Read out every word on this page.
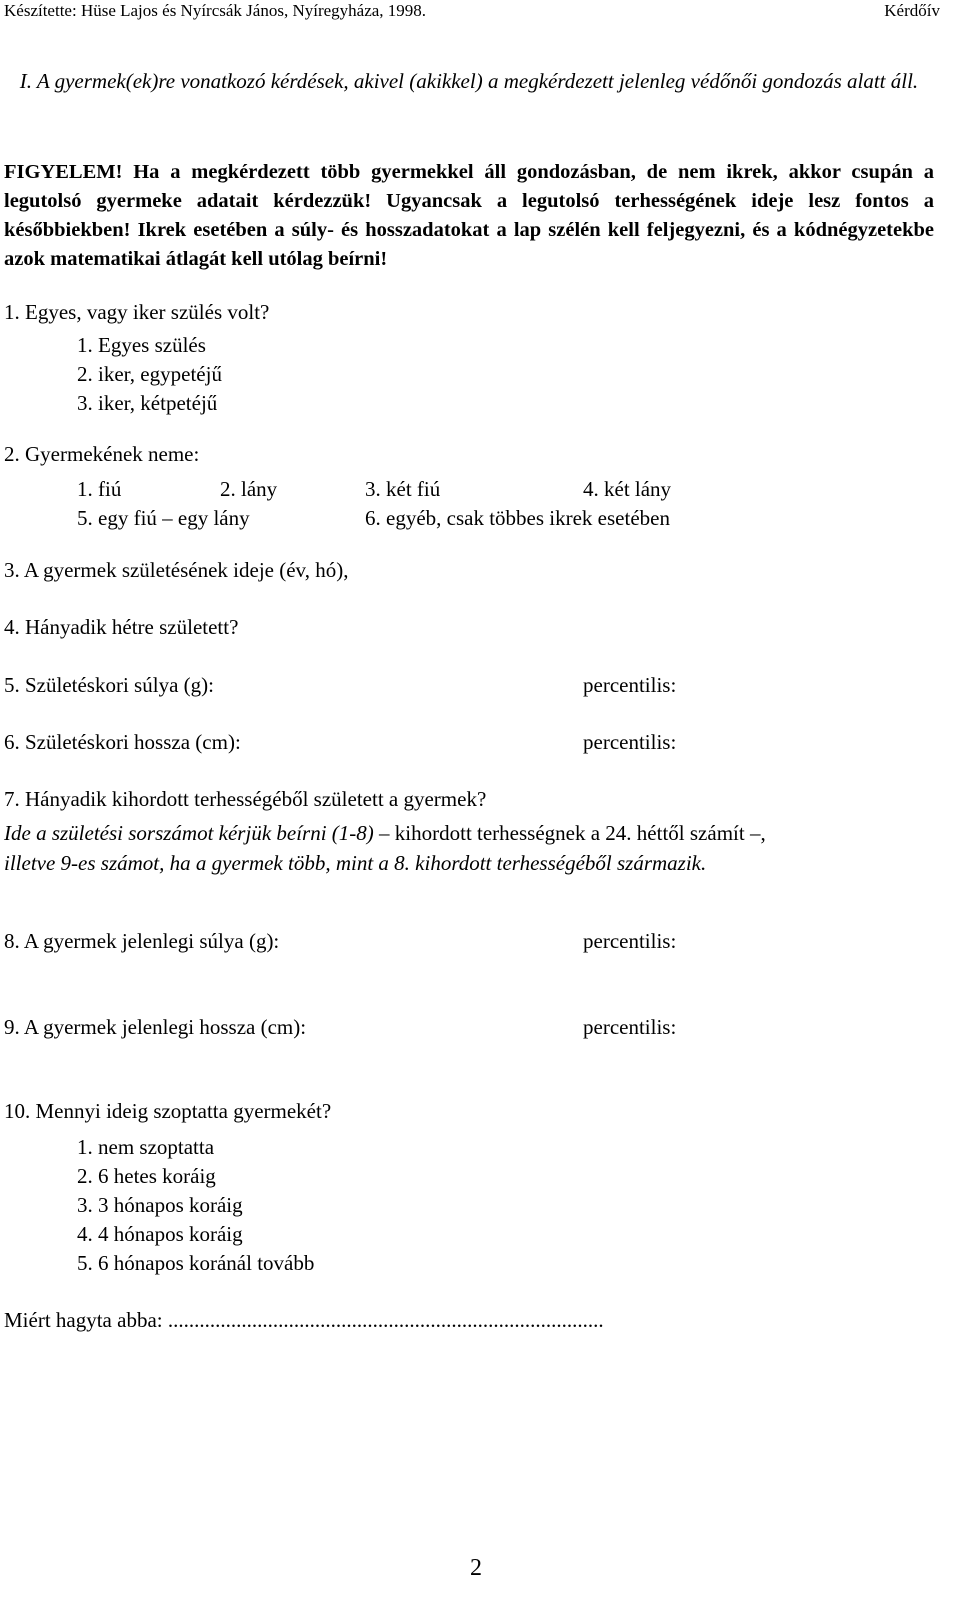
Készítette: Hüse Lajos és Nyírcsák János, Nyíregyháza, 1998.	Kérdőív
I. A gyermek(ek)re vonatkozó kérdések, akivel (akikkel) a megkérdezett jelenleg védőnői gondozás alatt áll.
FIGYELEM! Ha a megkérdezett több gyermekkel áll gondozásban, de nem ikrek, akkor csupán a legutolsó gyermeke adatait kérdezzük! Ugyancsak a legutolsó terhességének ideje lesz fontos a későbbiekben! Ikrek esetében a súly- és hosszadatokat a lap szélén kell feljegyezni, és a kódnégyzetekbe azok matematikai átlagát kell utólag beírni!
1. Egyes, vagy iker szülés volt?
1. Egyes szülés
2. iker, egypetéjű
3. iker, kétpetéjű
2. Gyermekének neme:
1. fiú	2. lány	3. két fiú	4. két lány
5. egy fiú – egy lány	6. egyéb, csak többes ikrek esetében
3. A gyermek születésének ideje (év, hó),
4. Hányadik hétre született?
5. Születéskori súlya (g):	percentilis:
6. Születéskori hossza (cm):	percentilis:
7. Hányadik kihordott terhességéből született a gyermek?
Ide a születési sorszámot kérjük beírni (1-8) – kihordott terhességnek a 24. héttől számít –,
illetve 9-es számot, ha a gyermek több, mint a 8. kihordott terhességéből származik.
8. A gyermek jelenlegi súlya (g):	percentilis:
9. A gyermek jelenlegi hossza (cm):	percentilis:
10. Mennyi ideig szoptatta gyermekét?
1. nem szoptatta
2. 6 hetes koráig
3. 3 hónapos koráig
4. 4 hónapos koráig
5. 6 hónapos koránál tovább
Miért hagyta abba: ...................................................................................
2
